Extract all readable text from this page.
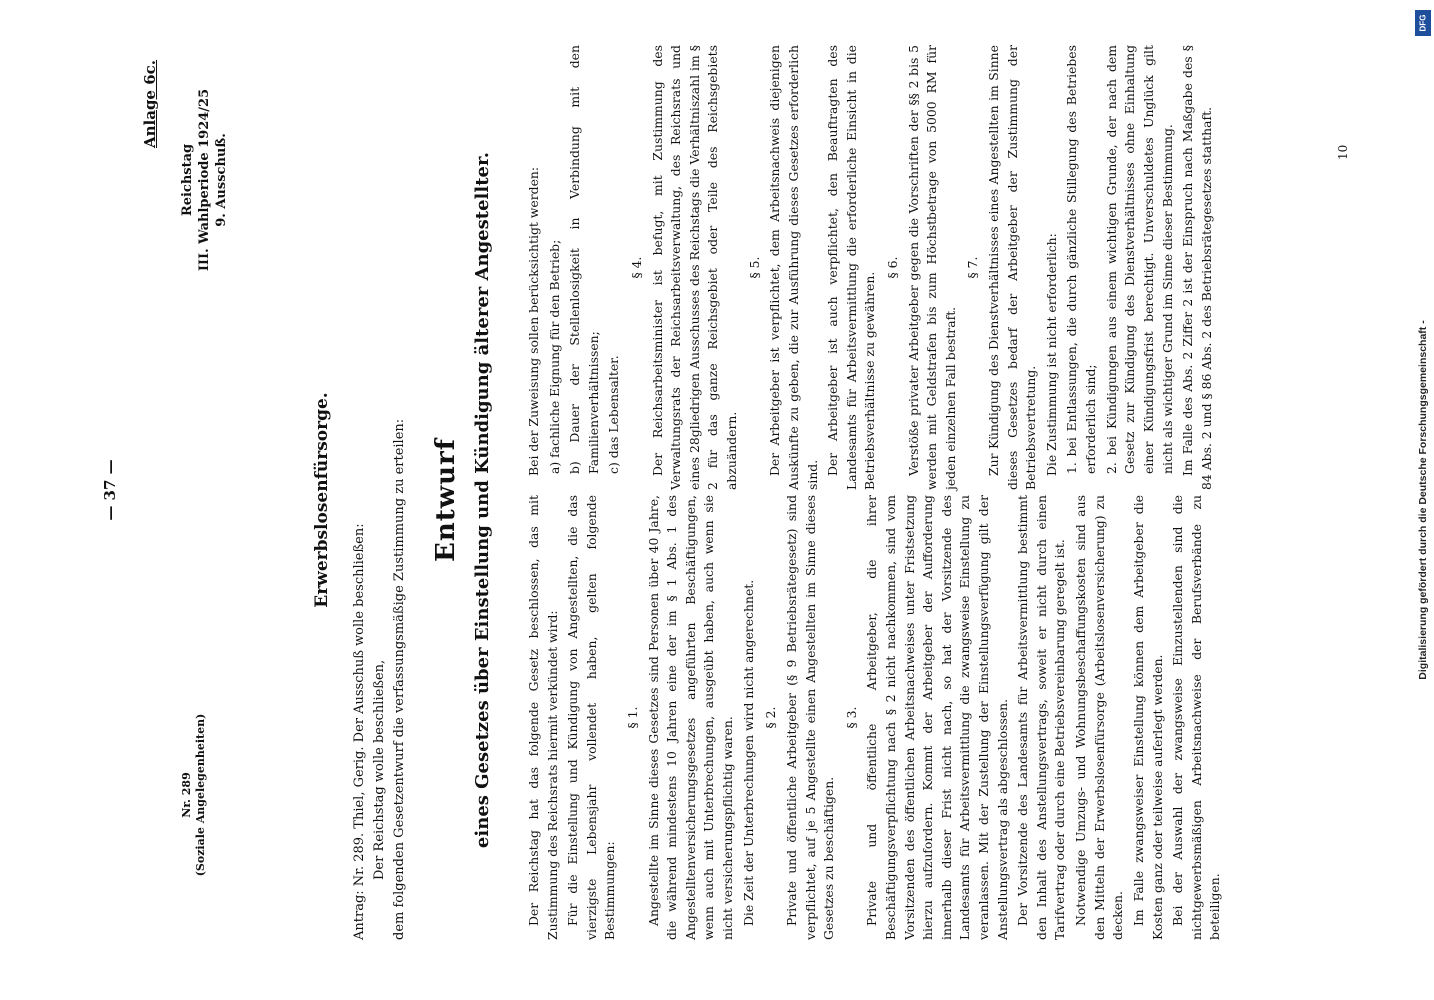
— 37 —
Nr. 289 (Soziale Angelegenheiten)
Anlage 6c.
Reichstag III. Wahlperiode 1924/25 9. Ausschuß.
Erwerbslosenfürsorge.
Antrag: Nr. 289. Thiel, Gerig. Der Ausschuß wolle beschließen: Der Reichstag wolle beschließen, dem folgenden Gesetzentwurf die verfassungsmäßige Zustimmung zu erteilen: Entwurf eines Gesetzes über Einstellung und Kündigung älterer Angestellter.	Der Reichstag hat das folgende Gesetz beschlossen, das mit Zustimmung des Reichsrats hiermit verkündet wird: Für die Einstellung und Kündigung von Angestellten, die das vierzigste Lebensjahr vollendet haben, gelten folgende Bestimmungen:

§ 1. Angestellte im Sinne dieses Gesetzes sind Personen über 40 Jahre, die während mindestens 10 Jahren eine der im § 1 Abs. 1 des Angestelltenversicherungsgesetzes angeführten Beschäftigungen, wenn auch mit Unterbrechungen, ausgeübt haben, auch wenn sie nicht versicherungspflichtig waren. Die Zeit der Unterbrechungen wird nicht angerechnet. § 2. Private und öffentliche Arbeitgeber (§ 9 Betriebsrätegesetz) sind verpflichtet, auf je 5 Angestellte einen Angestellten im Sinne dieses Gesetzes zu beschäftigen.

§ 3. Private und öffentliche Arbeitgeber, die ihrer Beschäftigungsverpflichtung nach § 2 nicht nachkommen, sind vom Vorsitzenden des öffentlichen Arbeitsnachweises unter Fristsetzung hierzu aufzufordern. Kommt der Arbeitgeber der Aufforderung innerhalb dieser Frist nicht nach, so hat der Vorsitzende des Landesamts für Arbeitsvermittlung die zwangsweise Einstellung zu veranlassen. Mit der Zustellung der Einstellungsverfügung gilt der Anstellungsvertrag als abgeschlossen. Der Vorsitzende des Landesamts für Arbeitsvermittlung bestimmt den Inhalt des Anstellungsvertrags, soweit er nicht durch einen Tarifvertrag oder durch eine Betriebsvereinbarung geregelt ist. Notwendige Umzugs- und Wohnungsbeschaffungskosten sind aus den Mitteln der Erwerbslosenfürsorge (Arbeitslosenversicherung) zu decken. Im Falle zwangsweiser Einstellung können dem Arbeitgeber die Kosten ganz oder teilweise auferlegt werden. Bei der Auswahl der zwangsweise Einzustellenden sind die nichtgewerbsmäßigen Arbeitsnachweise der Berufsverbände zu beteiligen.

Bei der Zuweisung sollen berücksichtigt werden: a) fachliche Eignung für den Betrieb; b) Dauer der Stellenlosigkeit in Verbindung mit den Familienverhältnissen; c) das Lebensalter.

§ 4. Der Reichsarbeitsminister ist befugt, mit Zustimmung des Verwaltungsrats der Reichsarbeitsverwaltung, des Reichsrats und eines 28gliedrigen Ausschusses des Reichstags die Verhältniszahl im § 2 für das ganze Reichsgebiet oder Teile des Reichsgebiets abzuändern.

§ 5. Der Arbeitgeber ist verpflichtet, dem Arbeitsnachweis diejenigen Auskünfte zu geben, die zur Ausführung dieses Gesetzes erforderlich sind. Der Arbeitgeber ist auch verpflichtet, den Beauftragten des Landesamts für Arbeitsvermittlung die erforderliche Einsicht in die Betriebsverhältnisse zu gewähren.

§ 6. Verstöße privater Arbeitgeber gegen die Vorschriften der §§ 2 bis 5 werden mit Geldstrafen bis zum Höchstbetrage von 5000 RM für jeden einzelnen Fall bestraft.

§ 7. Zur Kündigung des Dienstverhältnisses eines Angestellten im Sinne dieses Gesetzes bedarf der Arbeitgeber der Zustimmung der Betriebsvertretung. Die Zustimmung ist nicht erforderlich: 1. bei Entlassungen, die durch gänzliche Stillegung des Betriebes erforderlich sind; 2. bei Kündigungen aus einem wichtigen Grunde, der nach dem Gesetz zur Kündigung des Dienstverhältnisses ohne Einhaltung einer Kündigungsfrist berechtigt. Unverschuldetes Unglück gilt nicht als wichtiger Grund im Sinne dieser Bestimmung. Im Falle des Abs. 2 Ziffer 2 ist der Einspruch nach Maßgabe des § 84 Abs. 2 und § 86 Abs. 2 des Betriebsrätegesetzes statthaft.	10
DFG
Digitalisierung gefördert durch die Deutsche Forschungsgemeinschaft -
